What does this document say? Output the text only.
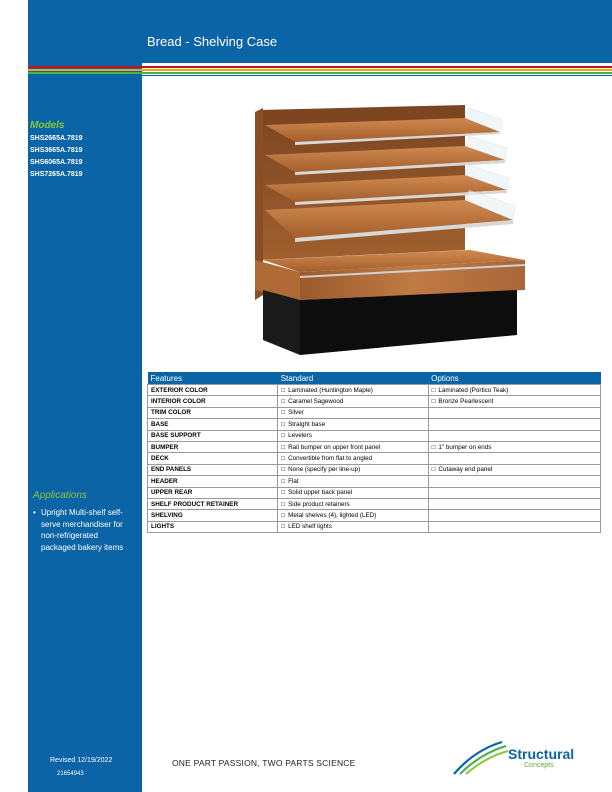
Bread - Shelving Case
Models
SHS2665A.7819
SHS3665A.7819
SHS6065A.7819
SHS7265A.7819
Applications
• Upright Multi-shelf self-serve merchandiser for non-refrigerated packaged bakery items
Revised 12/19/2022
21654943
Features	Standard	Options
EXTERIOR COLOR	□ Laminated (Huntington Maple)	□ Laminated (Portico Teak)
INTERIOR COLOR	□ Caramel Sagewood	□ Bronze Pearlescent
TRIM COLOR	□ Silver	
BASE	□ Straight base	
BASE SUPPORT	□ Levelers	
BUMPER	□ Rail bumper on upper front panel	□ 1" bumper on ends
DECK	□ Convertible from flat to angled	
END PANELS	□ None (specify per line-up)	□ Cutaway end panel
HEADER	□ Flat	
UPPER REAR	□ Solid upper back panel	
SHELF PRODUCT RETAINER	□ Side product retainers	
SHELVING	□ Metal shelves (4), lighted (LED)	
LIGHTS	□ LED shelf lights	
ONE PART PASSION, TWO PARTS SCIENCE
Structural
Concepts
